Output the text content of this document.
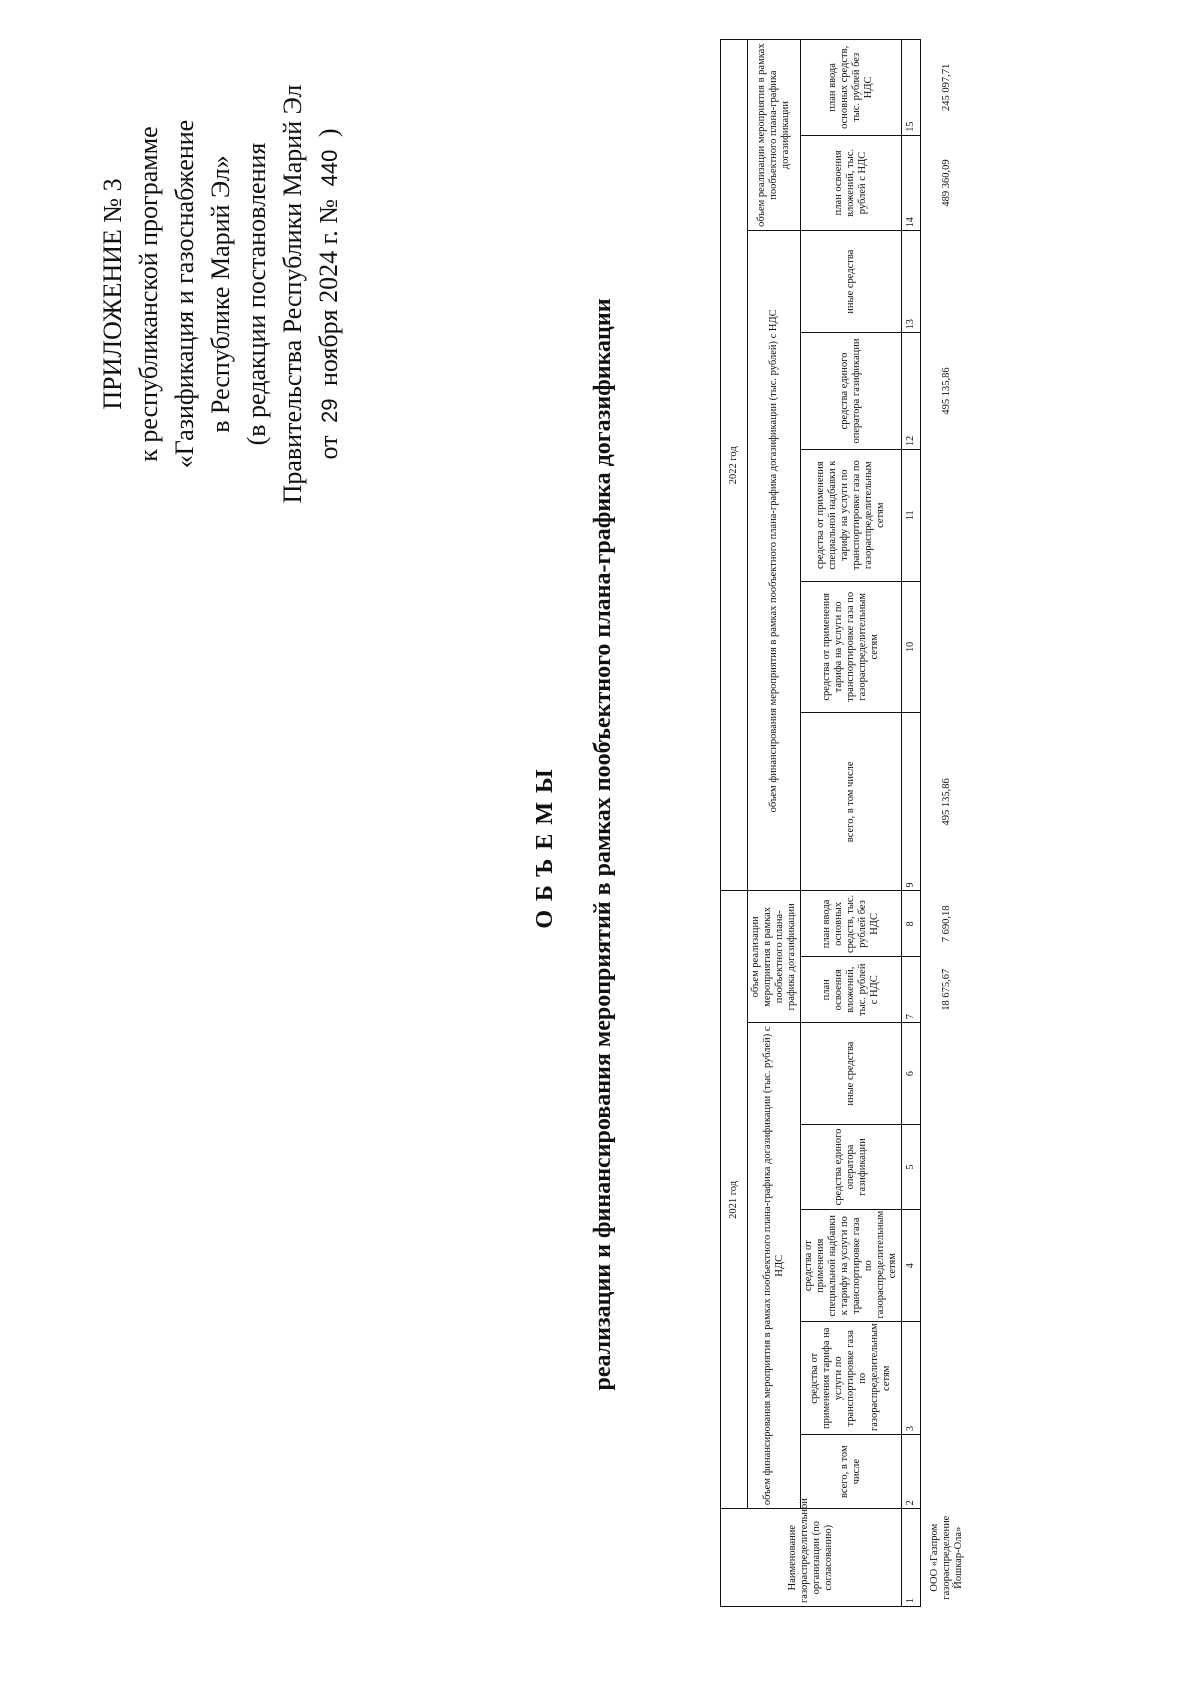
ПРИЛОЖЕНИЕ № 3 к республиканской программе «Газификация и газоснабжение в Республике Марий Эл» (в редакции постановления Правительства Республики Марий Эл от 29 ноября 2024 г. № 440 )
ОБЪЕМЫ реализации и финансирования мероприятий в рамках пообъектного плана-графика догазификации
Наименование газораспределительной организации (по согласованию)	2021 год							2022 год						
	объем финансирования мероприятия в рамках пообъектного плана-графика догазификации (тыс. рублей) с НДС					объем реализации мероприятия в рамках пообъектного плана-графика догазификации		объем финансирования мероприятия в рамках пообъектного плана-графика догазификации (тыс. рублей) с НДС					объем реализации мероприятия в рамках пообъектного плана-графика догазификации	
	всего, в том числе	средства от применения тарифа на услуги по транспортировке газа по газораспределительным сетям	средства от применения специальной надбавки к тарифу на услуги по транспортировке газа по газораспределительным сетям	средства единого оператора газификации	иные средства	план освоения вложений, тыс. рублей с НДС	план ввода основных средств, тыс. рублей без НДС	всего, в том числе	средства от применения тарифа на услуги по транспортировке газа по газораспределительным сетям	средства от применения специальной надбавки к тарифу на услуги по транспортировке газа по газораспределительным сетям	средства единого оператора газификации	иные средства	план освоения вложений, тыс. рублей с НДС	план ввода основных средств, тыс. рублей без НДС
1	2	3	4	5	6	7	8	9	10	11	12	13	14	15
ООО «Газпром газораспределение Йошкар-Ола»						18 675,67	7 690,18	495 135,86			495 135,86		489 360,09	245 097,71
